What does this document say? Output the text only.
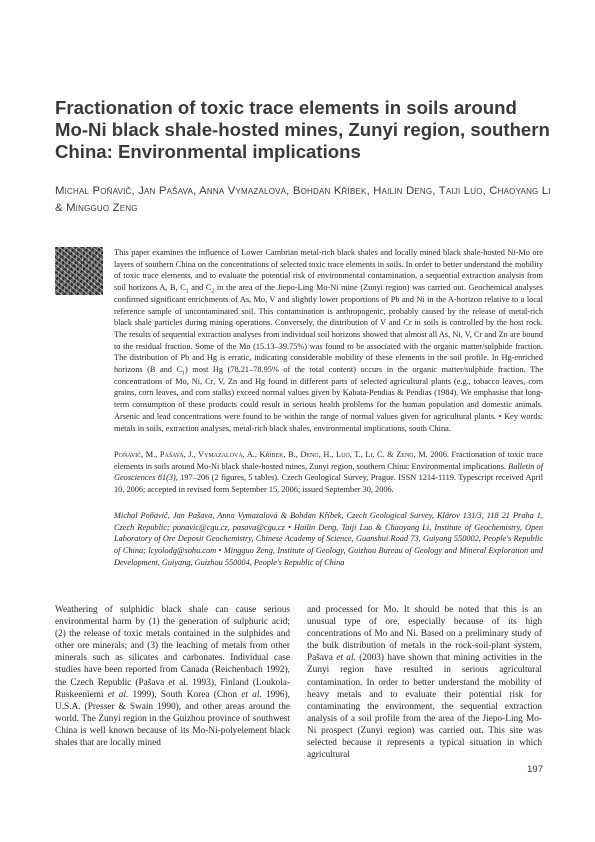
Fractionation of toxic trace elements in soils around Mo-Ni black shale-hosted mines, Zunyi region, southern China: Environmental implications
Michal Poňavič, Jan Pašava, Anna Vymazalová, Bohdan Kříbek, Hailin Deng, Taiji Luo, Chaoyang Li & Mingguo Zeng

This paper examines the influence of Lower Cambrian metal-rich black shales and locally mined black shale-hosted Ni-Mo ore layers of southern China on the concentrations of selected toxic trace elements in soils. In order to better understand the mobility of toxic trace elements, and to evaluate the potential risk of environmental contamination, a sequential extraction analysis from soil horizons A, B, $C_1$ and $C_2$ in the area of the Jiepo-Ling Mo-Ni mine (Zunyi region) was carried out. Geochemical analyses confirmed significant enrichments of As, Mo, V and slightly lower proportions of Pb and Ni in the A-horizon relative to a local reference sample of uncontaminated soil. This contamination is anthropogenic, probably caused by the release of metal-rich black shale particles during mining operations. Conversely, the distribution of V and Cr in soils is controlled by the host rock. The results of sequential extraction analyses from individual soil horizons showed that almost all As, Ni, V, Cr and Zn are bound to the residual fraction. Some of the Mo (15.13–39.75%) was found to be associated with the organic matter/sulphide fraction. The distribution of Pb and Hg is erratic, indicating considerable mobility of these elements in the soil profile. In Hg-enriched horizons (B and $C_1$) most Hg (78.21–78.95% of the total content) occurs in the organic matter/sulphide fraction. The concentrations of Mo, Ni, Cr, V, Zn and Hg found in different parts of selected agricultural plants (e.g., tobacco leaves, corn grains, corn leaves, and corn stalks) exceed normal values given by Kabata-Pendias & Pendias (1984). We emphasise that long-term consumption of these products could result in serious health problems for the human population and domestic animals. Arsenic and lead concentrations were found to be within the range of normal values given for agricultural plants. • Key words: metals in soils, extraction analyses, metal-rich black shales, environmental implications, south China.

Poňavič, M., Pašava, J., Vymazalová, A., Kříbek, B., Deng, H., Luo, T., Li, C. & Zeng, M. 2006. Fractionation of toxic trace elements in soils around Mo-Ni black shale-hosted mines, Zunyi region, southern China: Environmental implications. Bulletin of Geosciences 81(3), 197–206 (2 figures, 5 tables). Czech Geological Survey, Prague. ISSN 1214-1119. Typescript received April 10, 2006; accepted in revised form September 15, 2006; issued September 30, 2006.

Michal Poňavič, Jan Pašava, Anna Vymazalová & Bohdan Kříbek, Czech Geological Survey, Klárov 131/3, 118 21 Praha 1, Czech Republic; ponavic@cgu.cz, pasava@cgu.cz • Hailin Deng, Taiji Luo & Chaoyang Li, Institute of Geochemistry, Open Laboratory of Ore Deposit Geochemistry, Chinese Academy of Science, Guanshui Road 73, Guiyang 550002, People's Republic of China; lcyolodg@sohu.com • Mingguo Zeng, Institute of Geology, Guizhou Bureau of Geology and Mineral Exploration and Development, Guiyang, Guizhou 550004, People's Republic of China

Weathering of sulphidic black shale can cause serious environmental harm by (1) the generation of sulphuric acid; (2) the release of toxic metals contained in the sulphides and other ore minerals; and (3) the leaching of metals from other minerals such as silicates and carbonates. Individual case studies have been reported from Canada (Reichenbach 1992), the Czech Republic (Pašava et al. 1993), Finland (Loukola-Ruskeeniemi et al. 1999), South Korea (Chon et al. 1996), U.S.A. (Presser & Swain 1990), and other areas around the world. The Zunyi region in the Guizhou province of southwest China is well known because of its Mo-Ni-polyelement black shales that are locally mined

and processed for Mo. It should be noted that this is an unusual type of ore, especially because of its high concentrations of Mo and Ni. Based on a preliminary study of the bulk distribution of metals in the rock-soil-plant system, Pašava et al. (2003) have shown that mining activities in the Zunyi region have resulted in serious agricultural contamination. In order to better understand the mobility of heavy metals and to evaluate their potential risk for contaminating the environment, the sequential extraction analysis of a soil profile from the area of the Jiepo-Ling Mo-Ni prospect (Zunyi region) was carried out. This site was selected because it represents a typical situation in which agricultural

197
